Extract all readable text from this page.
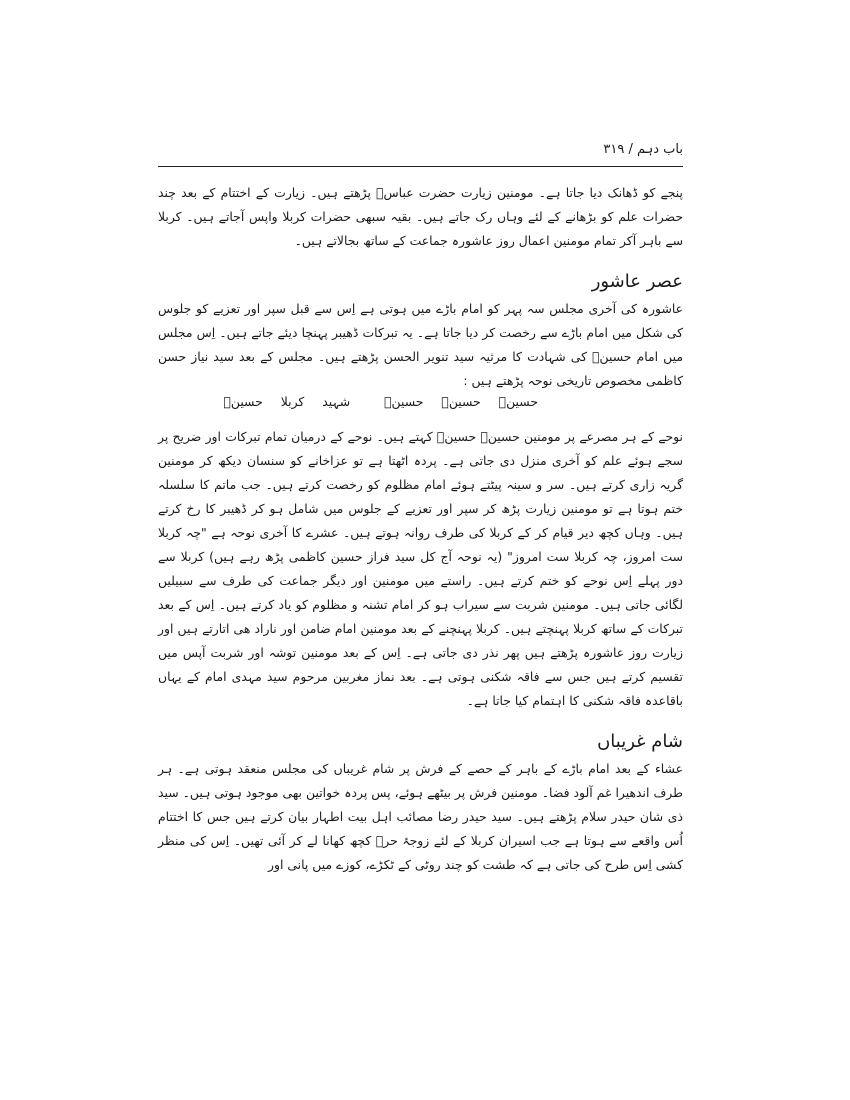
باب دہم / ۳۱۹

پنجے کو ڈھانک دیا جاتا ہے۔ مومنین زیارت حضرت عباسؑ پڑھتے ہیں۔ زیارت کے اختتام کے بعد چند حضرات علم کو بڑھانے کے لئے وہاں رک جاتے ہیں۔ بقیہ سبھی حضرات کربلا واپس آجاتے ہیں۔ کربلا سے باہر آکر تمام مومنین اعمال روز عاشورہ جماعت کے ساتھ بجالاتے ہیں۔

عصر عاشور

عاشورہ کی آخری مجلس سہ پہر کو امام باڑے میں ہوتی ہے اِس سے قبل سپر اور تعزیے کو جلوس کی شکل میں امام باڑے سے رخصت کر دیا جاتا ہے۔ یہ تبرکات ڈھیبر پہنچا دیئے جاتے ہیں۔ اِس مجلس میں امام حسینؑ کی شہادت کا مرثیہ سید تنویر الحسن پڑھتے ہیں۔ مجلس کے بعد سید نیاز حسن کاظمی مخصوص تاریخی نوحہ پڑھتے ہیں :

حسینؑ حسینؑ حسینؑ شہید کربلا حسینؑ

نوحے کے ہر مصرعے پر مومنین حسینؑ حسینؑ کہتے ہیں۔ نوحے کے درمیان تمام تبرکات اور ضریح پر سجے ہوئے علم کو آخری منزل دی جاتی ہے۔ پردہ اٹھتا ہے تو عزاخانے کو سنسان دیکھ کر مومنین گریہ زاری کرتے ہیں۔ سر و سینہ پیٹتے ہوئے امام مظلوم کو رخصت کرتے ہیں۔ جب ماتم کا سلسلہ ختم ہوتا ہے تو مومنین زیارت پڑھ کر سپر اور تعزیے کے جلوس میں شامل ہو کر ڈھیبر کا رخ کرتے ہیں۔ وہاں کچھ دیر قیام کر کے کربلا کی طرف روانہ ہوتے ہیں۔ عشرے کا آخری نوحہ ہے "چہ کربلا ست امروز، چہ کربلا ست امروز" (یہ نوحہ آج کل سید فراز حسین کاظمی پڑھ رہے ہیں) کربلا سے دور پہلے اِس نوحے کو ختم کرتے ہیں۔ راستے میں مومنین اور دیگر جماعت کی طرف سے سبیلیں لگائی جاتی ہیں۔ مومنین شربت سے سیراب ہو کر امام تشنہ و مظلوم کو یاد کرتے ہیں۔ اِس کے بعد تبرکات کے ساتھ کربلا پہنچتے ہیں۔ کربلا پہنچنے کے بعد مومنین امام ضامن اور ناراد ھی اتارتے ہیں اور زیارت روز عاشورہ پڑھتے ہیں پھر نذر دی جاتی ہے۔ اِس کے بعد مومنین توشہ اور شربت آپس میں تقسیم کرتے ہیں جس سے فاقہ شکنی ہوتی ہے۔ بعد نماز مغربین مرحوم سید مہدی امام کے یہاں باقاعدہ فاقہ شکنی کا اہتمام کیا جاتا ہے۔

شام غریباں

عشاء کے بعد امام باڑے کے باہر کے حصے کے فرش پر شام غریباں کی مجلس منعقد ہوتی ہے۔ ہر طرف اندھیرا غم آلود فضا۔ مومنین فرش پر بیٹھے ہوئے، پس پردہ خواتین بھی موجود ہوتی ہیں۔ سید ذی شان حیدر سلام پڑھتے ہیں۔ سید حیدر رضا مصائب اہل بیت اطہار بیان کرتے ہیں جس کا اختتام اُس واقعے سے ہوتا ہے جب اسیران کربلا کے لئے زوجۂ حرؑ کچھ کھانا لے کر آئی تھیں۔ اِس کی منظر کشی اِس طرح کی جاتی ہے کہ طشت کو چند روٹی کے ٹکڑے، کوزے میں پانی اور
